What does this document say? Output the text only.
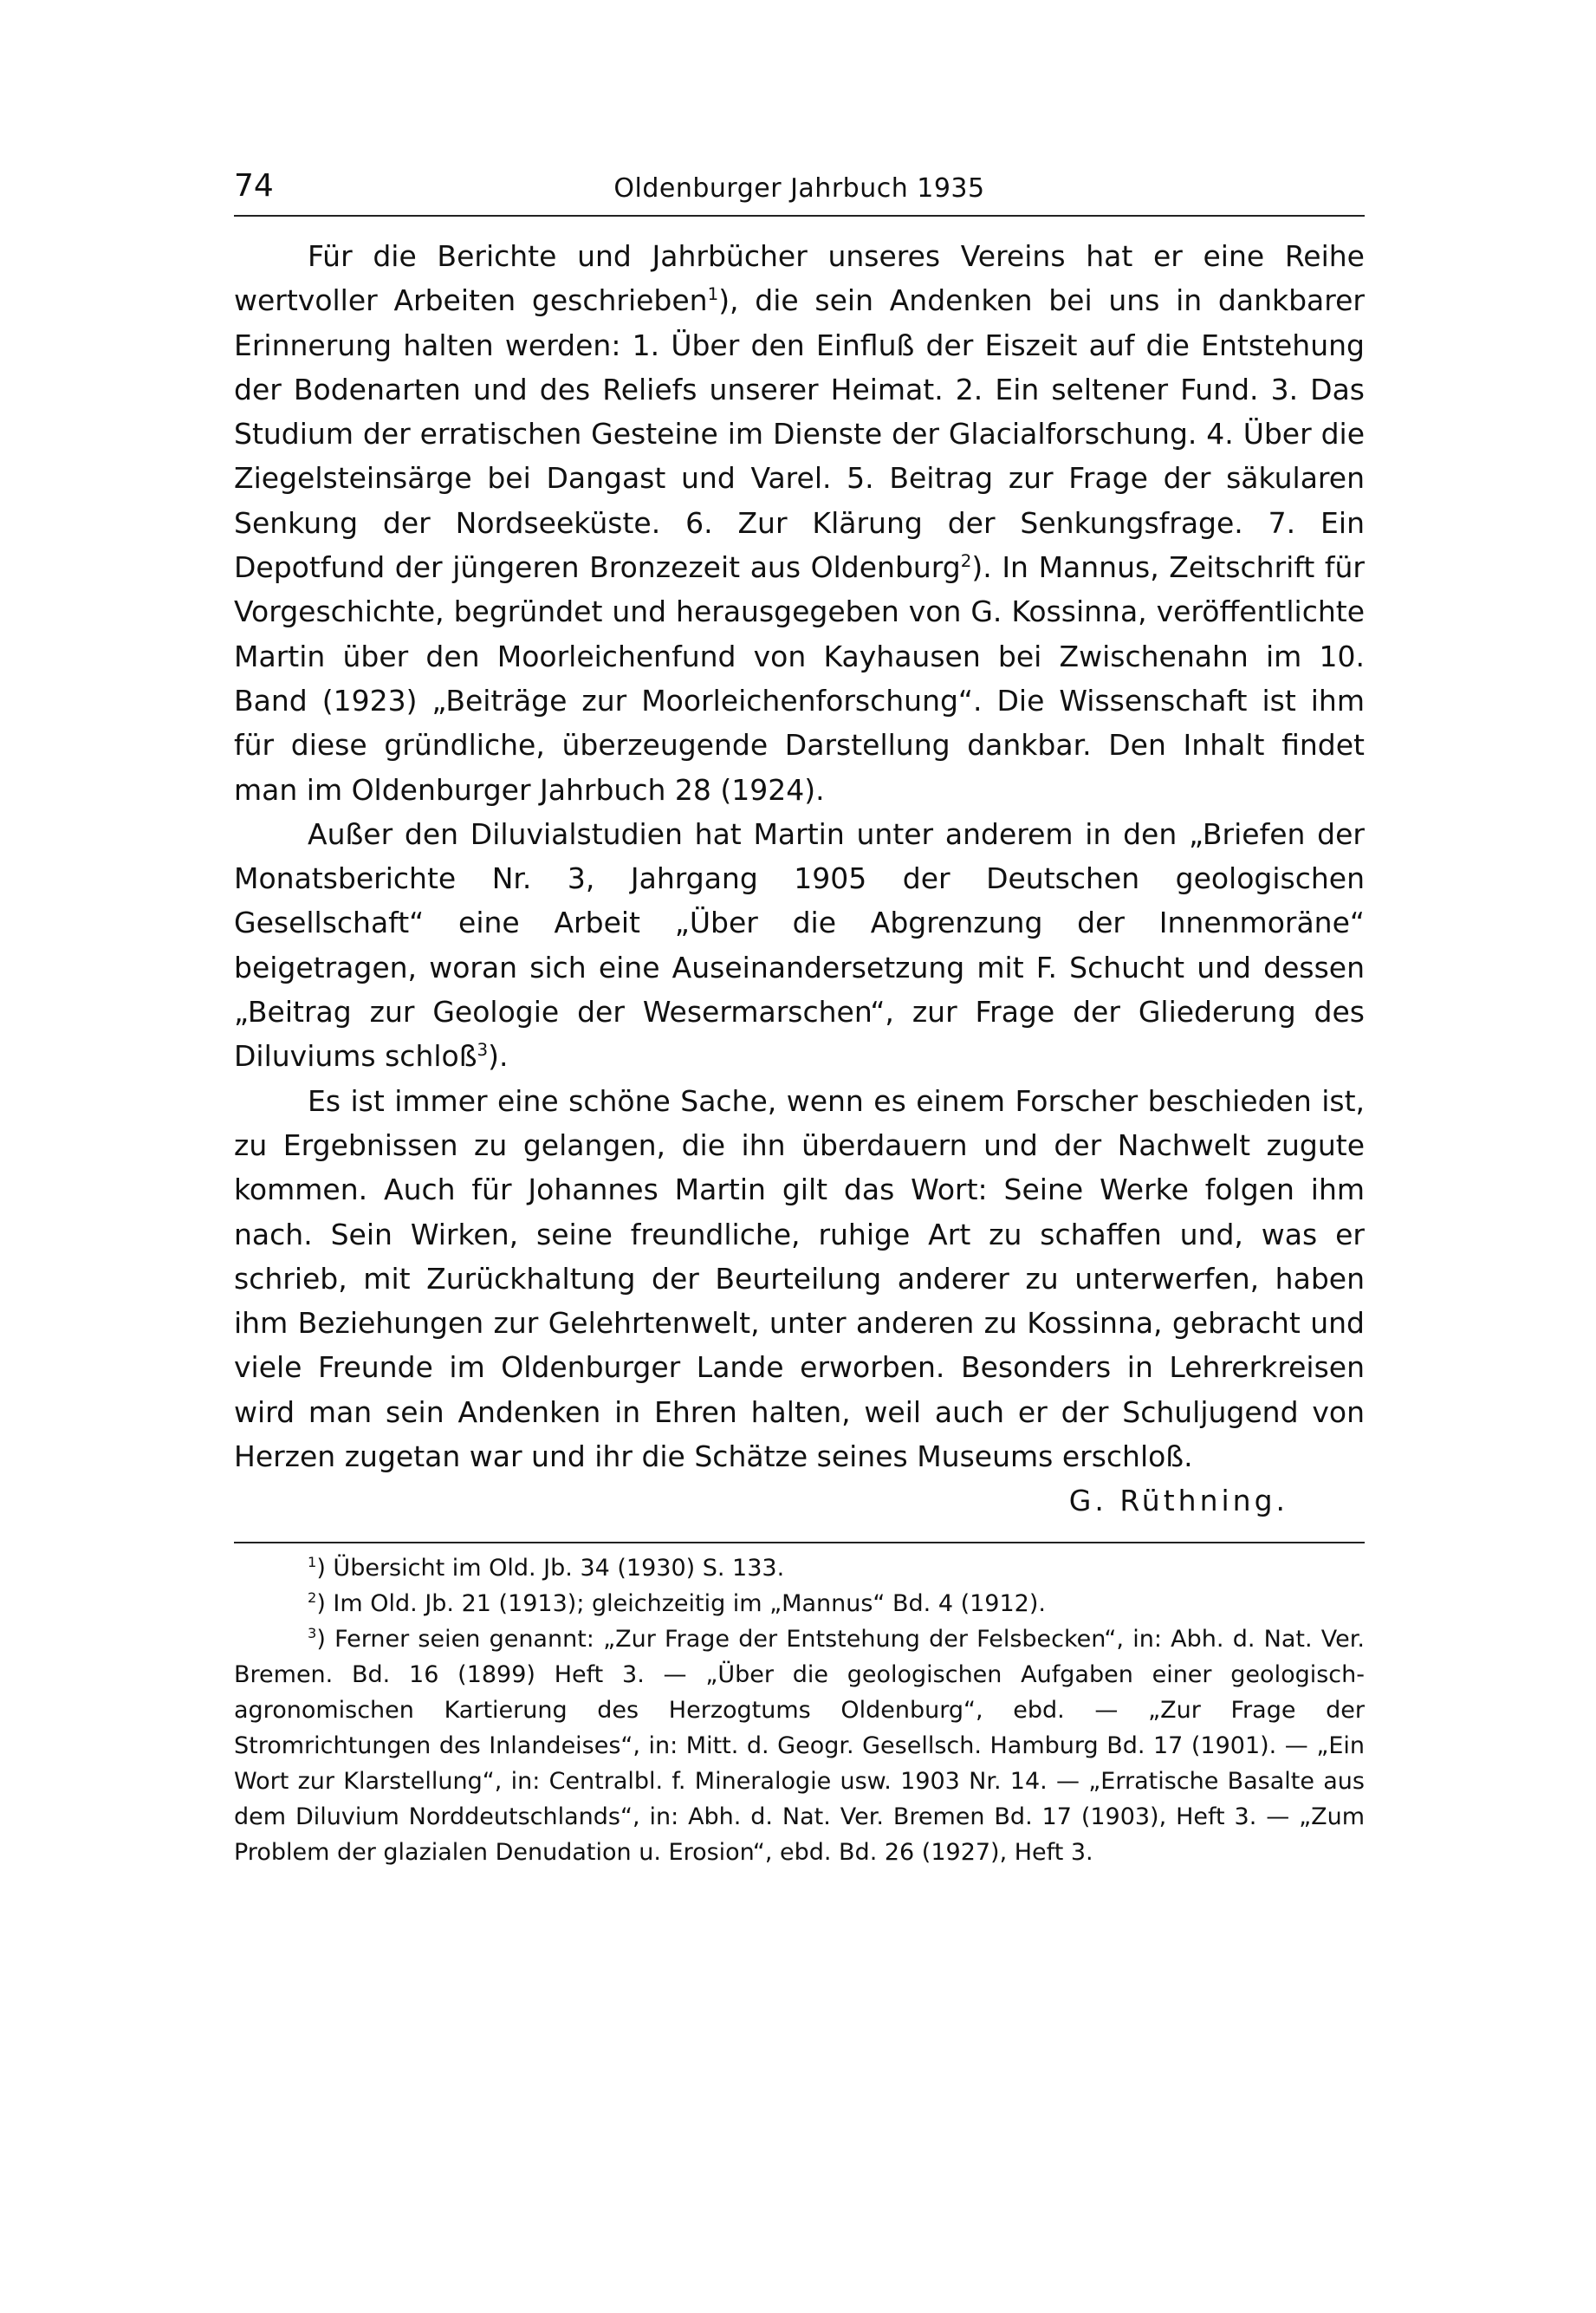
74	Oldenburger Jahrbuch 1935

Für die Berichte und Jahrbücher unseres Vereins hat er eine Reihe wertvoller Arbeiten geschrieben$^1$), die sein Andenken bei uns in dankbarer Erinnerung halten werden: 1. Über den Einfluß der Eiszeit auf die Entstehung der Bodenarten und des Reliefs unserer Heimat. 2. Ein seltener Fund. 3. Das Studium der erratischen Gesteine im Dienste der Glacialforschung. 4. Über die Ziegelsteinsärge bei Dangast und Varel. 5. Beitrag zur Frage der säkularen Senkung der Nordseeküste. 6. Zur Klärung der Senkungsfrage. 7. Ein Depotfund der jüngeren Bronzezeit aus Oldenburg$^2$). In Mannus, Zeitschrift für Vorgeschichte, begründet und herausgegeben von G. Kossinna, veröffentlichte Martin über den Moorleichenfund von Kayhausen bei Zwischenahn im 10. Band (1923) „Beiträge zur Moorleichenforschung“. Die Wissenschaft ist ihm für diese gründliche, überzeugende Darstellung dankbar. Den Inhalt findet man im Oldenburger Jahrbuch 28 (1924).

Außer den Diluvialstudien hat Martin unter anderem in den „Briefen der Monatsberichte Nr. 3, Jahrgang 1905 der Deutschen geologischen Gesellschaft“ eine Arbeit „Über die Abgrenzung der Innenmoräne“ beigetragen, woran sich eine Auseinandersetzung mit F. Schucht und dessen „Beitrag zur Geologie der Wesermarschen“, zur Frage der Gliederung des Diluviums schloß$^3$).

Es ist immer eine schöne Sache, wenn es einem Forscher beschieden ist, zu Ergebnissen zu gelangen, die ihn überdauern und der Nachwelt zugute kommen. Auch für Johannes Martin gilt das Wort: Seine Werke folgen ihm nach. Sein Wirken, seine freundliche, ruhige Art zu schaffen und, was er schrieb, mit Zurückhaltung der Beurteilung anderer zu unterwerfen, haben ihm Beziehungen zur Gelehrtenwelt, unter anderen zu Kossinna, gebracht und viele Freunde im Oldenburger Lande erworben. Besonders in Lehrerkreisen wird man sein Andenken in Ehren halten, weil auch er der Schuljugend von Herzen zugetan war und ihr die Schätze seines Museums erschloß.

G. Rüthning.

$^1$) Übersicht im Old. Jb. 34 (1930) S. 133.

$^2$) Im Old. Jb. 21 (1913); gleichzeitig im „Mannus“ Bd. 4 (1912).

$^3$) Ferner seien genannt: „Zur Frage der Entstehung der Felsbecken“, in: Abh. d. Nat. Ver. Bremen. Bd. 16 (1899) Heft 3. — „Über die geologischen Aufgaben einer geologisch-agronomischen Kartierung des Herzogtums Oldenburg“, ebd. — „Zur Frage der Stromrichtungen des Inlandeises“, in: Mitt. d. Geogr. Gesellsch. Hamburg Bd. 17 (1901). — „Ein Wort zur Klarstellung“, in: Centralbl. f. Mineralogie usw. 1903 Nr. 14. — „Erratische Basalte aus dem Diluvium Norddeutschlands“, in: Abh. d. Nat. Ver. Bremen Bd. 17 (1903), Heft 3. — „Zum Problem der glazialen Denudation u. Erosion“, ebd. Bd. 26 (1927), Heft 3.
